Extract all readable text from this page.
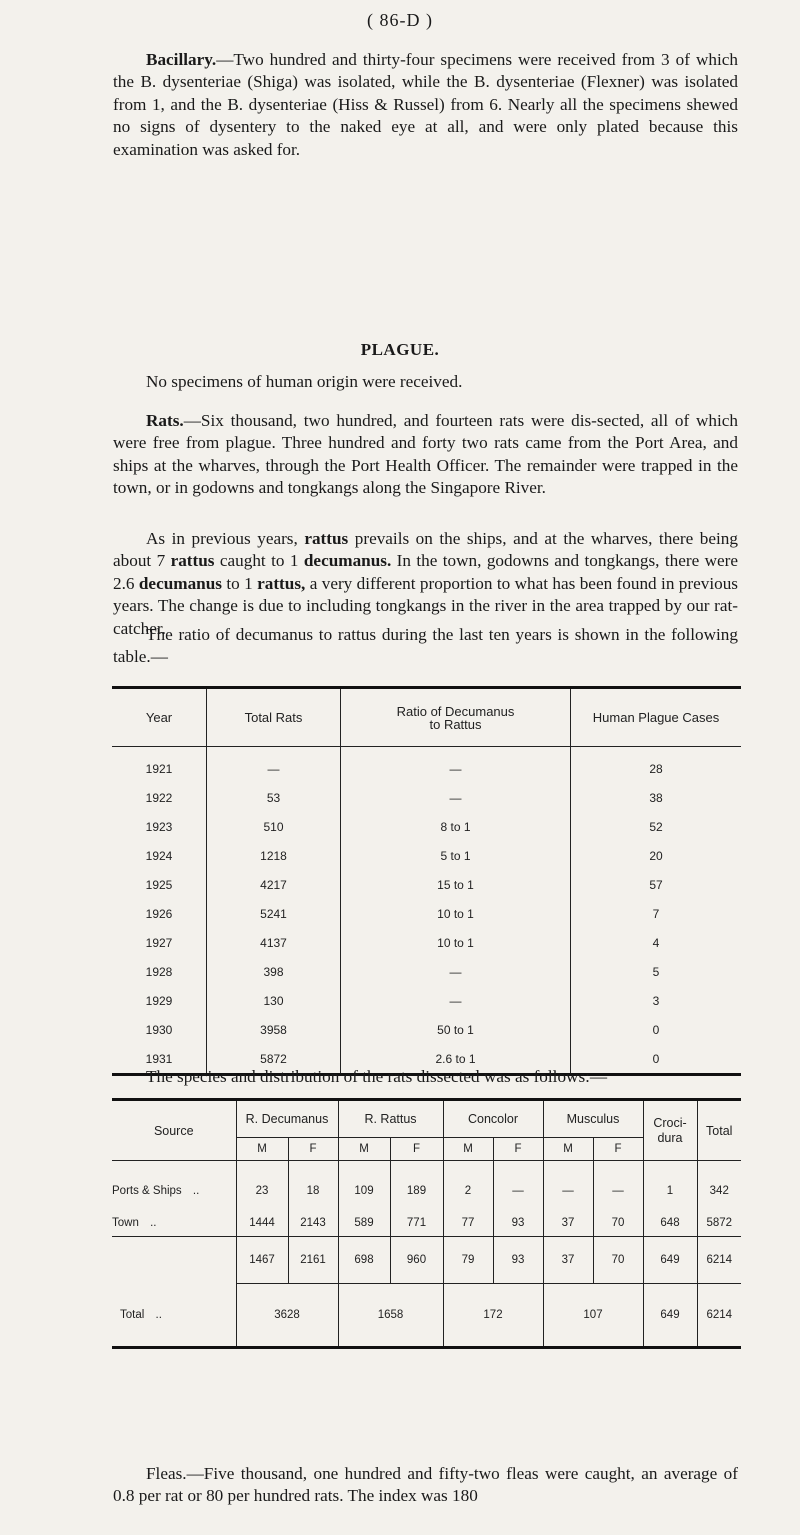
( 86-D )

Bacillary.—Two hundred and thirty-four specimens were received from 3 of which the B. dysenteriae (Shiga) was isolated, while the B. dysenteriae (Flexner) was isolated from 1, and the B. dysenteriae (Hiss & Russel) from 6. Nearly all the specimens shewed no signs of dysentery to the naked eye at all, and were only plated because this examination was asked for.

PLAGUE.

No specimens of human origin were received.

Rats.—Six thousand, two hundred, and fourteen rats were dis-sected, all of which were free from plague. Three hundred and forty two rats came from the Port Area, and ships at the wharves, through the Port Health Officer. The remainder were trapped in the town, or in godowns and tongkangs along the Singapore River.

As in previous years, rattus prevails on the ships, and at the wharves, there being about 7 rattus caught to 1 decumanus. In the town, godowns and tongkangs, there were 2.6 decumanus to 1 rattus, a very different proportion to what has been found in previous years. The change is due to including tongkangs in the river in the area trapped by our rat-catcher.

The ratio of decumanus to rattus during the last ten years is shown in the following table.—

Year	Total Rats	Ratio of Decumanus to Rattus	Human Plague Cases
1921	—	—	28
1922	53	—	38
1923	510	8 to 1	52
1924	1218	5 to 1	20
1925	4217	15 to 1	57
1926	5241	10 to 1	7
1927	4137	10 to 1	4
1928	398	—	5
1929	130	—	3
1930	3958	50 to 1	0
1931	5872	2.6 to 1	0

The species and distribution of the rats dissected was as follows:—

Source	R. Decumanus		R. Rattus		Concolor		Musculus		Croci-dura	Total
	M	F	M	F	M	F	M	F		
Ports & Ships ..	23	18	109	189	2	—	—	—	1	342
Town ..	1444	2143	589	771	77	93	37	70	648	5872
	1467	2161	698	960	79	93	37	70	649	6214
Total ..	3628		1658		172		107		649	6214

Fleas.—Five thousand, one hundred and fifty-two fleas were caught, an average of 0.8 per rat or 80 per hundred rats. The index was 180
